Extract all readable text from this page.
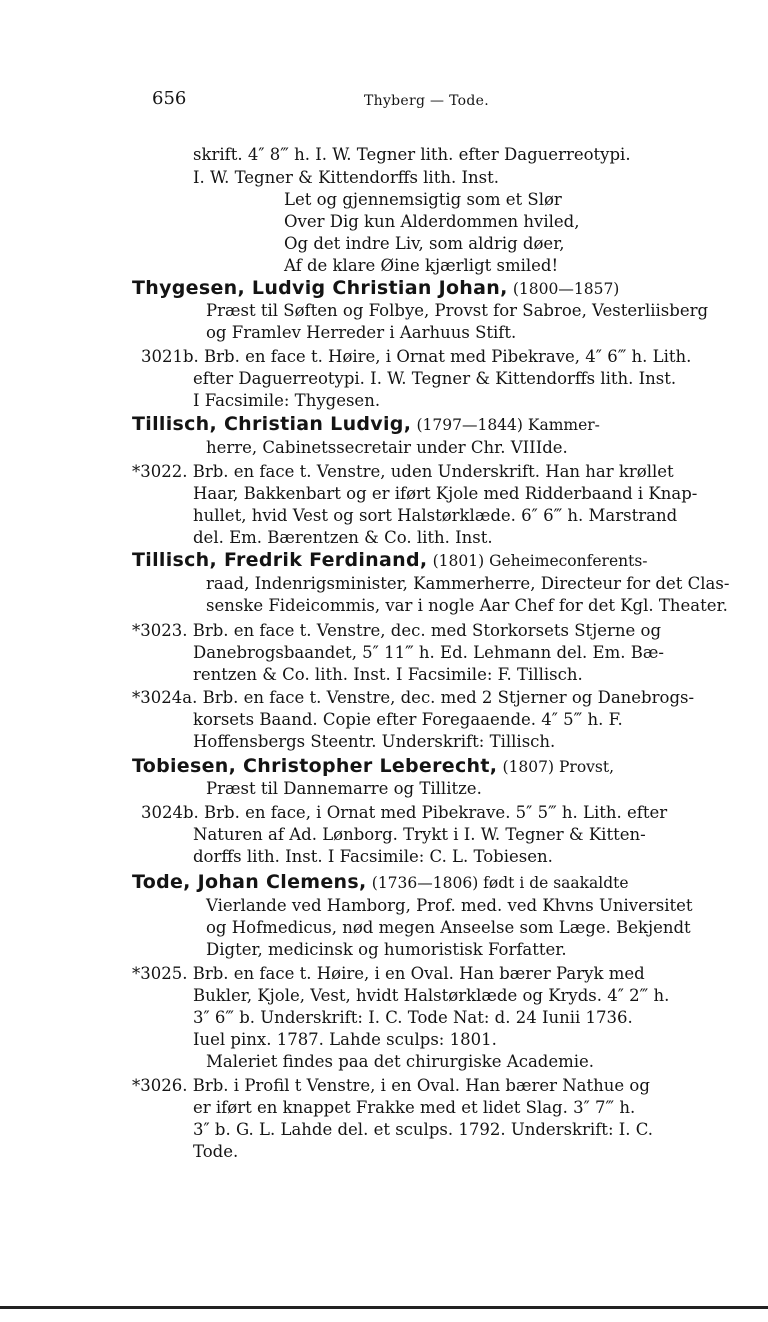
656	Thyberg — Tode.
skrift. 4″ 8‴ h. I. W. Tegner lith. efter Daguerreotypi.
I. W. Tegner & Kittendorffs lith. Inst.
Let og gjennemsigtig som et Slør
Over Dig kun Alderdommen hviled,
Og det indre Liv, som aldrig døer,
Af de klare Øine kjærligt smiled!
Thygesen, Ludvig Christian Johan, (1800—1857)
Præst til Søften og Folbye, Provst for Sabroe, Vesterliisberg
og Framlev Herreder i Aarhuus Stift.
3021b. Brb. en face t. Høire, i Ornat med Pibekrave, 4″ 6‴ h. Lith.
efter Daguerreotypi. I. W. Tegner & Kittendorffs lith. Inst.
I Facsimile: Thygesen.
Tillisch, Christian Ludvig, (1797—1844) Kammer-
herre, Cabinetssecretair under Chr. VIIIde.
*3022. Brb. en face t. Venstre, uden Underskrift. Han har krøllet
Haar, Bakkenbart og er iført Kjole med Ridderbaand i Knap-
hullet, hvid Vest og sort Halstørklæde. 6″ 6‴ h. Marstrand
del. Em. Bærentzen & Co. lith. Inst.
Tillisch, Fredrik Ferdinand, (1801) Geheimeconferents-
raad, Indenrigsminister, Kammerherre, Directeur for det Clas-
senske Fideicommis, var i nogle Aar Chef for det Kgl. Theater.
*3023. Brb. en face t. Venstre, dec. med Storkorsets Stjerne og
Danebrogsbaandet, 5″ 11‴ h. Ed. Lehmann del. Em. Bæ-
rentzen & Co. lith. Inst. I Facsimile: F. Tillisch.
*3024a. Brb. en face t. Venstre, dec. med 2 Stjerner og Danebrogs-
korsets Baand. Copie efter Foregaaende. 4″ 5‴ h. F.
Hoffensbergs Steentr. Underskrift: Tillisch.
Tobiesen, Christopher Leberecht, (1807) Provst,
Præst til Dannemarre og Tillitze.
3024b. Brb. en face, i Ornat med Pibekrave. 5″ 5‴ h. Lith. efter
Naturen af Ad. Lønborg. Trykt i I. W. Tegner & Kitten-
dorffs lith. Inst. I Facsimile: C. L. Tobiesen.
Tode, Johan Clemens, (1736—1806) født i de saakaldte
Vierlande ved Hamborg, Prof. med. ved Khvns Universitet
og Hofmedicus, nød megen Anseelse som Læge. Bekjendt
Digter, medicinsk og humoristisk Forfatter.
*3025. Brb. en face t. Høire, i en Oval. Han bærer Paryk med
Bukler, Kjole, Vest, hvidt Halstørklæde og Kryds. 4″ 2‴ h.
3″ 6‴ b. Underskrift: I. C. Tode Nat: d. 24 Iunii 1736.
Iuel pinx. 1787. Lahde sculps: 1801.
Maleriet findes paa det chirurgiske Academie.
*3026. Brb. i Profil t Venstre, i en Oval. Han bærer Nathue og
er iført en knappet Frakke med et lidet Slag. 3″ 7‴ h.
3″ b. G. L. Lahde del. et sculps. 1792. Underskrift: I. C.
Tode.
